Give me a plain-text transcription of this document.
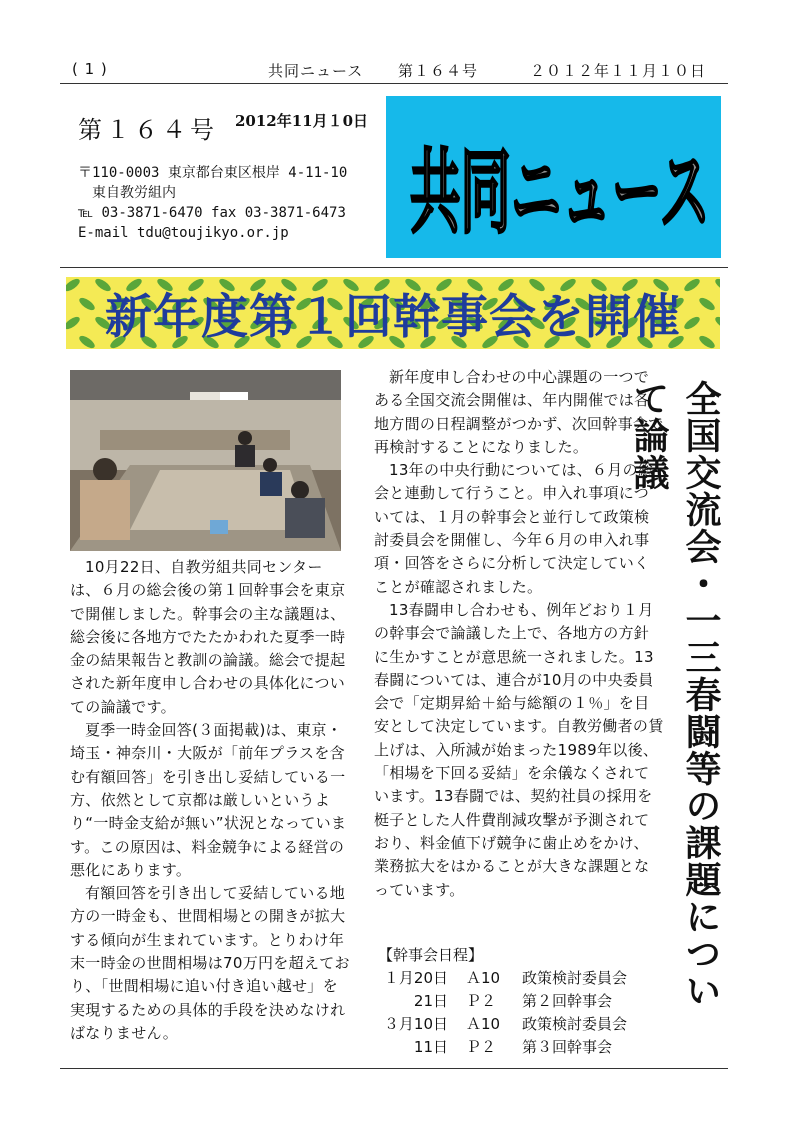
( 1 )	共同ニュース 第１６４号	２０１２年１１月１０日
第１６４号 2012年11月１0日
〒110-0003 東京都台東区根岸 4-11-10
　東自教労組内
℡ 03-3871-6470 fax 03-3871-6473
E-mail tdu@toujikyo.or.jp 共同ニュース
新年度第１回幹事会を開催

10月22日、自教労組共同センターは、６月の総会後の第１回幹事会を東京で開催しました。幹事会の主な議題は、総会後に各地方でたたかわれた夏季一時金の結果報告と教訓の論議。総会で提起された新年度申し合わせの具体化についての論議です。

夏季一時金回答(３面掲載)は、東京・埼玉・神奈川・大阪が「前年プラスを含む有額回答」を引き出し妥結している一方、依然として京都は厳しいというより“一時金支給が無い”状況となっています。この原因は、料金競争による経営の悪化にあります。

有額回答を引き出して妥結している地方の一時金も、世間相場との開きが拡大する傾向が生まれています。とりわけ年末一時金の世間相場は70万円を超えており、「世間相場に追い付き追い越せ」を実現するための具体的手段を決めなければなりません。

新年度申し合わせの中心課題の一つである全国交流会開催は、年内開催では各地方間の日程調整がつかず、次回幹事会で再検討することになりました。

13年の中央行動については、６月の総会と連動して行うこと。申入れ事項については、１月の幹事会と並行して政策検討委員会を開催し、今年６月の申入れ事項・回答をさらに分析して決定していくことが確認されました。

13春闘申し合わせも、例年どおり１月の幹事会で論議した上で、各地方の方針に生かすことが意思統一されました。13春闘については、連合が10月の中央委員会で「定期昇給＋給与総額の１％」を目安として決定しています。自教労働者の賃上げは、入所減が始まった1989年以後、「相場を下回る妥結」を余儀なくされています。13春闘では、契約社員の採用を梃子とした人件費削減攻撃が予測されており、料金値下げ競争に歯止めをかけ、業務拡大をはかることが大きな課題となっています。

【幹事会日程】
１月20日	Ａ10	政策検討委員会
21日	Ｐ２	第２回幹事会
３月10日	Ａ10	政策検討委員会
11日	Ｐ２	第３回幹事会
全国交流会・一三春闘等の課題について論議
